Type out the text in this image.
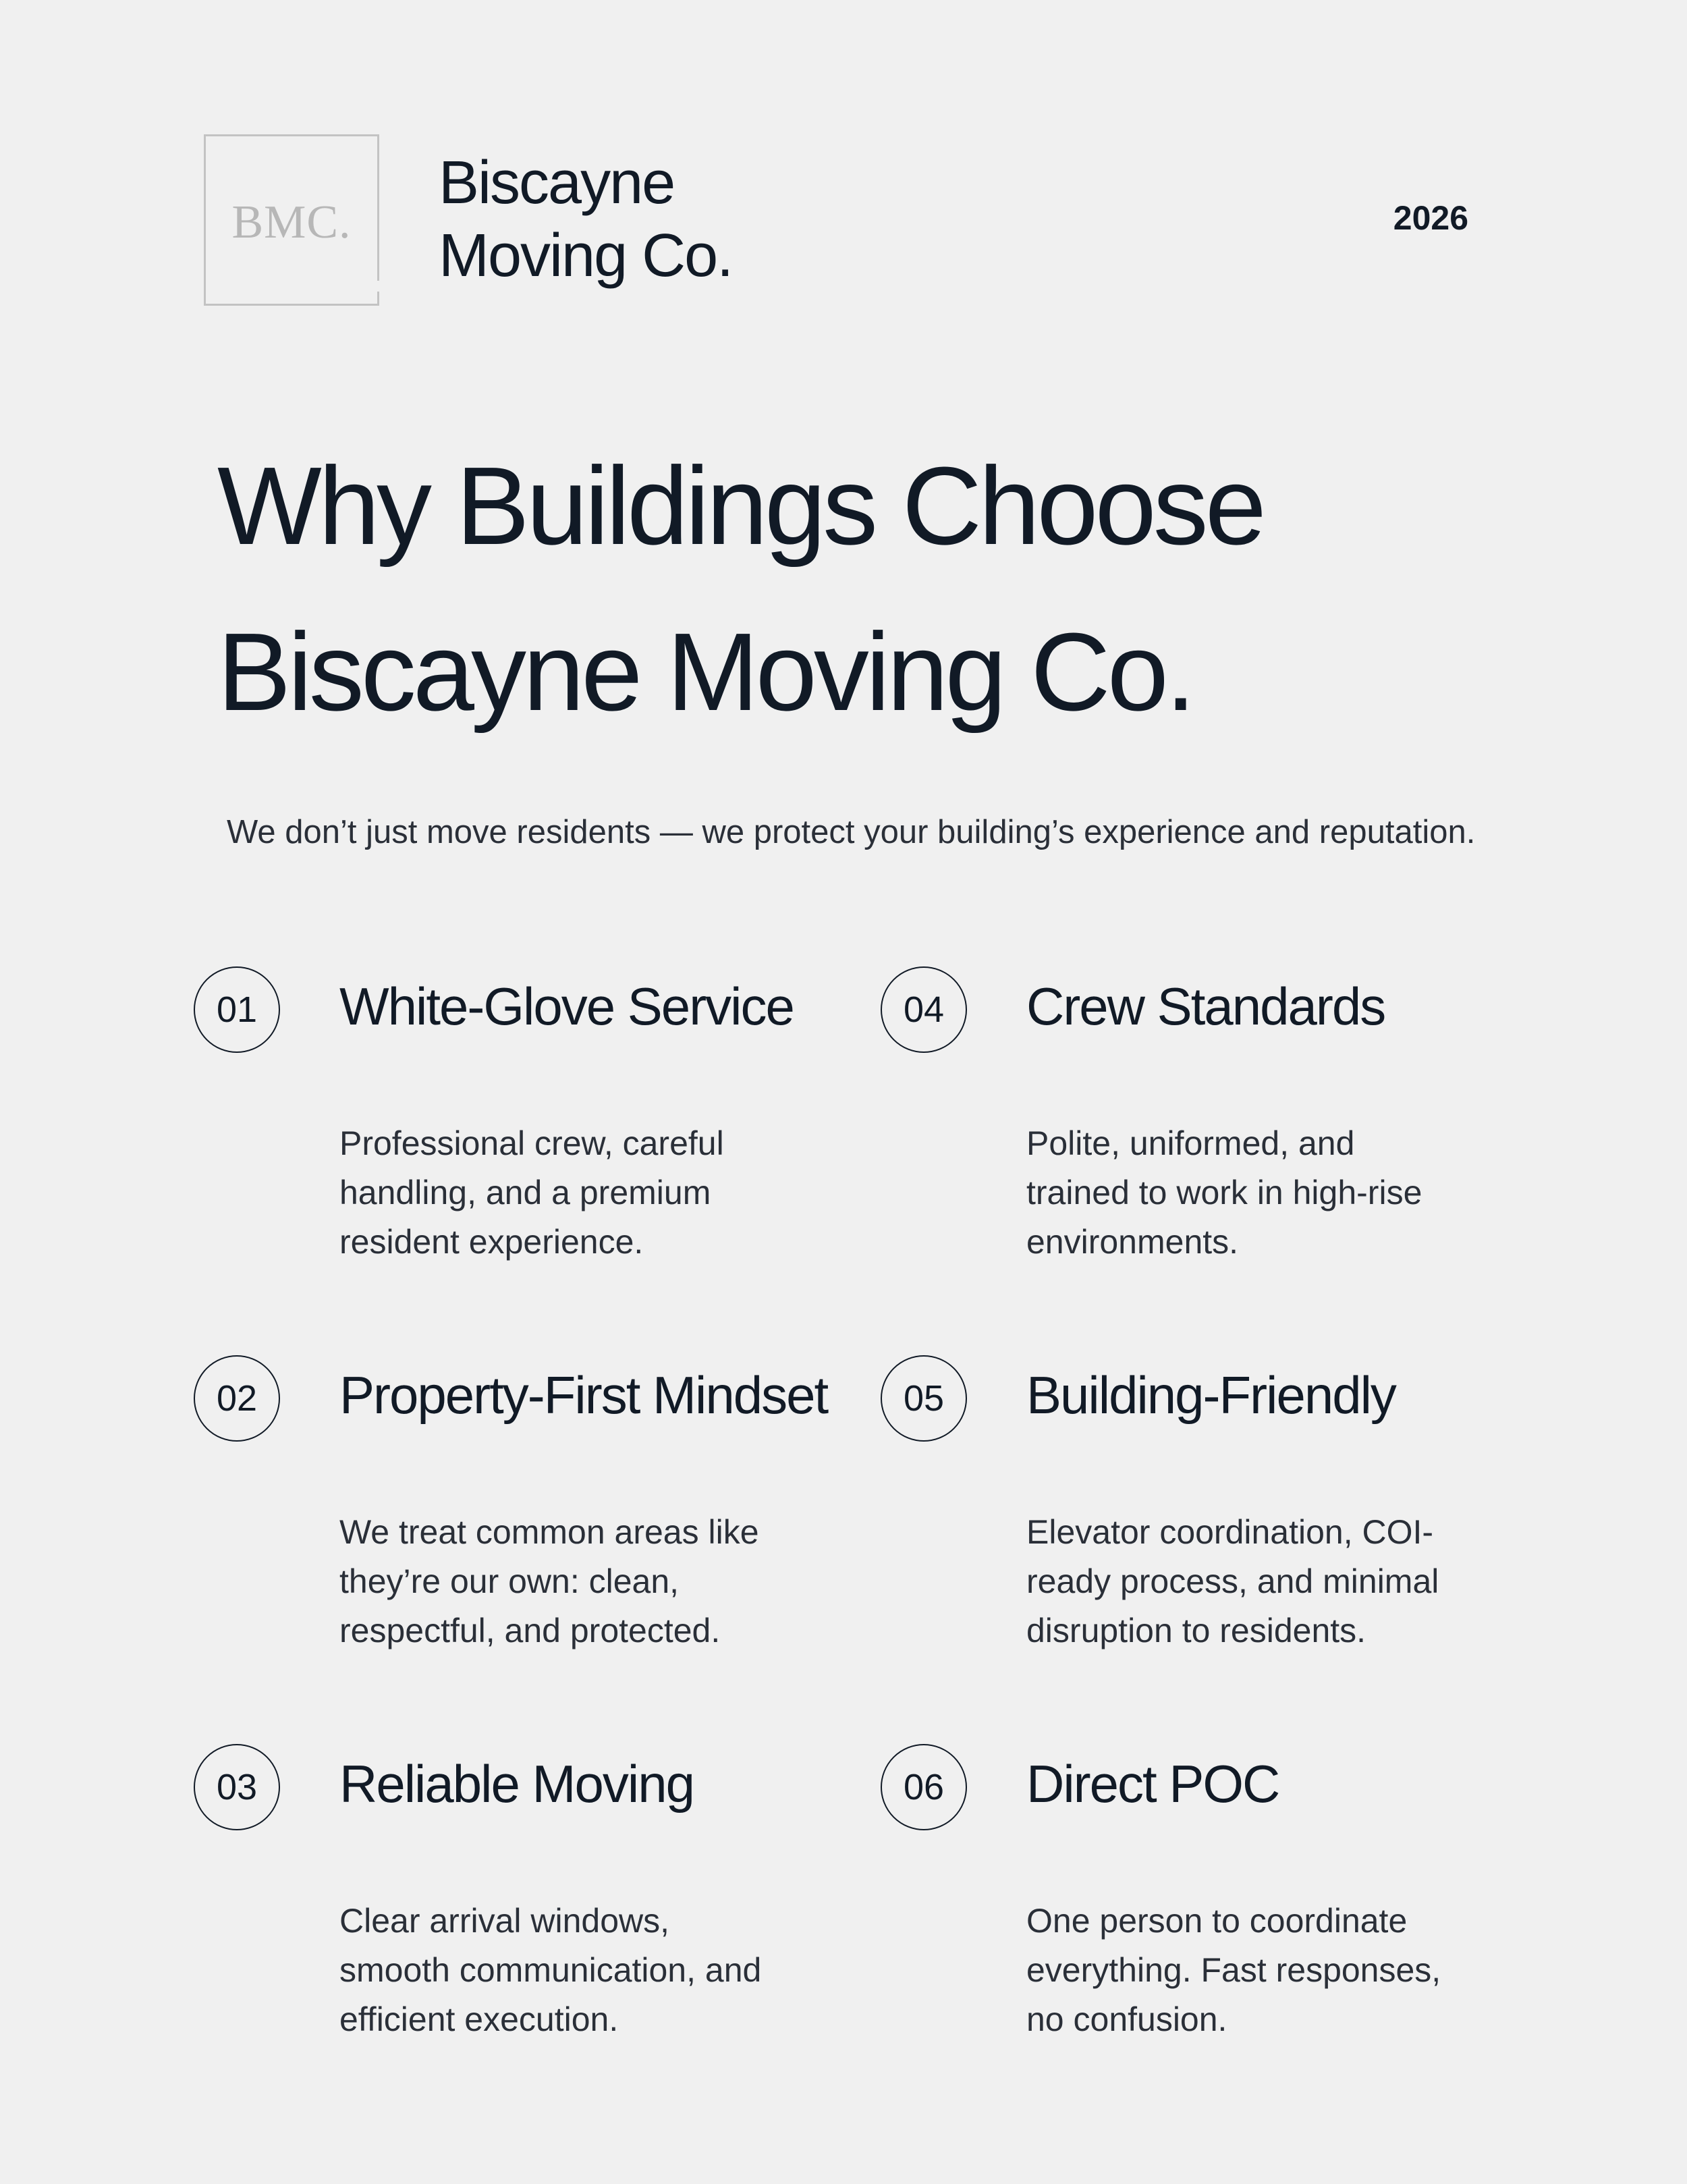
BMC.
Biscayne
Moving Co.
2026
Why Buildings Choose
Biscayne Moving Co.
We don’t just move residents — we protect your building’s experience and reputation.
01	White-Glove Service
Professional crew, careful
handling, and a premium
resident experience.
02	Property-First Mindset
We treat common areas like
they’re our own: clean,
respectful, and protected.
03	Reliable Moving
Clear arrival windows,
smooth communication, and
efficient execution.
04	Crew Standards
Polite, uniformed, and
trained to work in high-rise
environments.
05	Building-Friendly
Elevator coordination, COI-
ready process, and minimal
disruption to residents.
06	Direct POC
One person to coordinate
everything. Fast responses,
no confusion.
